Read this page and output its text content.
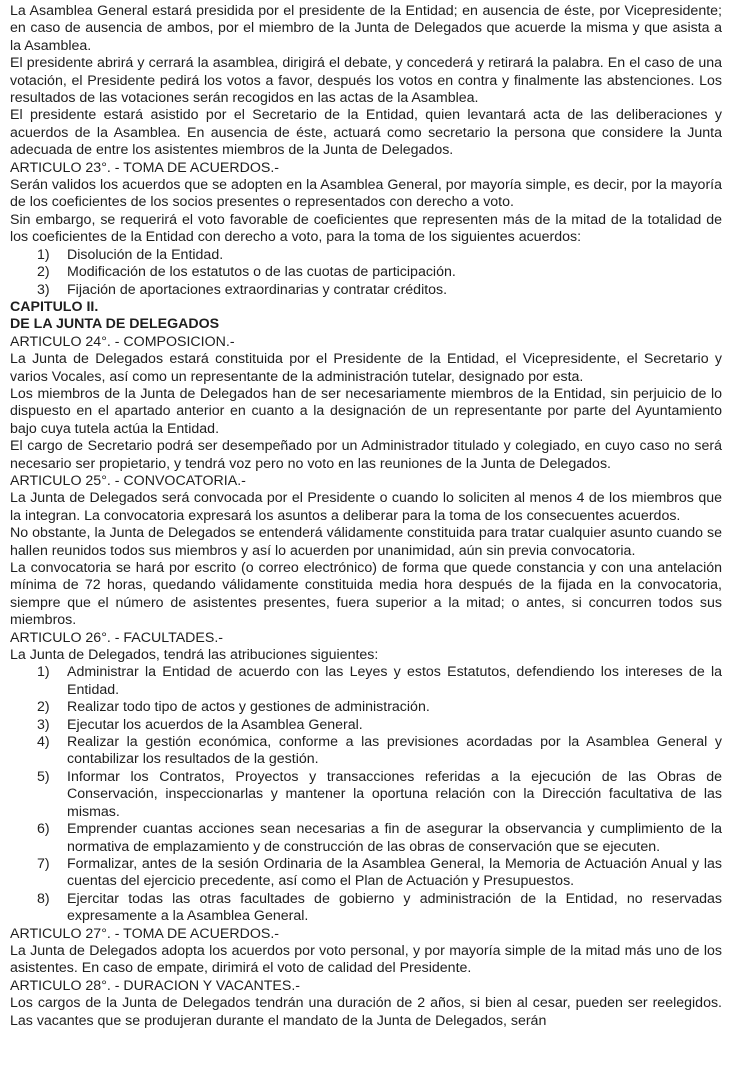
La Asamblea General estará presidida por el presidente de la Entidad; en ausencia de éste, por Vicepresidente; en caso de ausencia de ambos, por el miembro de la Junta de Delegados que acuerde la misma y que asista a la Asamblea.

El presidente abrirá y cerrará la asamblea, dirigirá el debate, y concederá y retirará la palabra. En el caso de una votación, el Presidente pedirá los votos a favor, después los votos en contra y finalmente las abstenciones. Los resultados de las votaciones serán recogidos en las actas de la Asamblea.

El presidente estará asistido por el Secretario de la Entidad, quien levantará acta de las deliberaciones y acuerdos de la Asamblea. En ausencia de éste, actuará como secretario la persona que considere la Junta adecuada de entre los asistentes miembros de la Junta de Delegados.

ARTICULO 23°. - TOMA DE ACUERDOS.-

Serán validos los acuerdos que se adopten en la Asamblea General, por mayoría simple, es decir, por la mayoría de los coeficientes de los socios presentes o representados con derecho a voto.

Sin embargo, se requerirá el voto favorable de coeficientes que representen más de la mitad de la totalidad de los coeficientes de la Entidad con derecho a voto, para la toma de los siguientes acuerdos:

1) Disolución de la Entidad.
2) Modificación de los estatutos o de las cuotas de participación.
3) Fijación de aportaciones extraordinarias y contratar créditos.

CAPITULO II.

DE LA JUNTA DE DELEGADOS

ARTICULO 24°. - COMPOSICION.-

La Junta de Delegados estará constituida por el Presidente de la Entidad, el Vicepresidente, el Secretario y varios Vocales, así como un representante de la administración tutelar, designado por esta.

Los miembros de la Junta de Delegados han de ser necesariamente miembros de la Entidad, sin perjuicio de lo dispuesto en el apartado anterior en cuanto a la designación de un representante por parte del Ayuntamiento bajo cuya tutela actúa la Entidad.

El cargo de Secretario podrá ser desempeñado por un Administrador titulado y colegiado, en cuyo caso no será necesario ser propietario, y tendrá voz pero no voto en las reuniones de la Junta de Delegados.

ARTICULO 25°. - CONVOCATORIA.-

La Junta de Delegados será convocada por el Presidente o cuando lo soliciten al menos 4 de los miembros que la integran. La convocatoria expresará los asuntos a deliberar para la toma de los consecuentes acuerdos.

No obstante, la Junta de Delegados se entenderá válidamente constituida para tratar cualquier asunto cuando se hallen reunidos todos sus miembros y así lo acuerden por unanimidad, aún sin previa convocatoria.

La convocatoria se hará por escrito (o correo electrónico) de forma que quede constancia y con una antelación mínima de 72 horas, quedando válidamente constituida media hora después de la fijada en la convocatoria, siempre que el número de asistentes presentes, fuera superior a la mitad; o antes, si concurren todos sus miembros.

ARTICULO 26°. - FACULTADES.-

La Junta de Delegados, tendrá las atribuciones siguientes:

1) Administrar la Entidad de acuerdo con las Leyes y estos Estatutos, defendiendo los intereses de la Entidad.
2) Realizar todo tipo de actos y gestiones de administración.
3) Ejecutar los acuerdos de la Asamblea General.
4) Realizar la gestión económica, conforme a las previsiones acordadas por la Asamblea General y contabilizar los resultados de la gestión.
5) Informar los Contratos, Proyectos y transacciones referidas a la ejecución de las Obras de Conservación, inspeccionarlas y mantener la oportuna relación con la Dirección facultativa de las mismas.
6) Emprender cuantas acciones sean necesarias a fin de asegurar la observancia y cumplimiento de la normativa de emplazamiento y de construcción de las obras de conservación que se ejecuten.
7) Formalizar, antes de la sesión Ordinaria de la Asamblea General, la Memoria de Actuación Anual y las cuentas del ejercicio precedente, así como el Plan de Actuación y Presupuestos.
8) Ejercitar todas las otras facultades de gobierno y administración de la Entidad, no reservadas expresamente a la Asamblea General.

ARTICULO 27°. - TOMA DE ACUERDOS.-

La Junta de Delegados adopta los acuerdos por voto personal, y por mayoría simple de la mitad más uno de los asistentes. En caso de empate, dirimirá el voto de calidad del Presidente.

ARTICULO 28°. - DURACION Y VACANTES.-

Los cargos de la Junta de Delegados tendrán una duración de 2 años, si bien al cesar, pueden ser reelegidos. Las vacantes que se produjeran durante el mandato de la Junta de Delegados, serán
